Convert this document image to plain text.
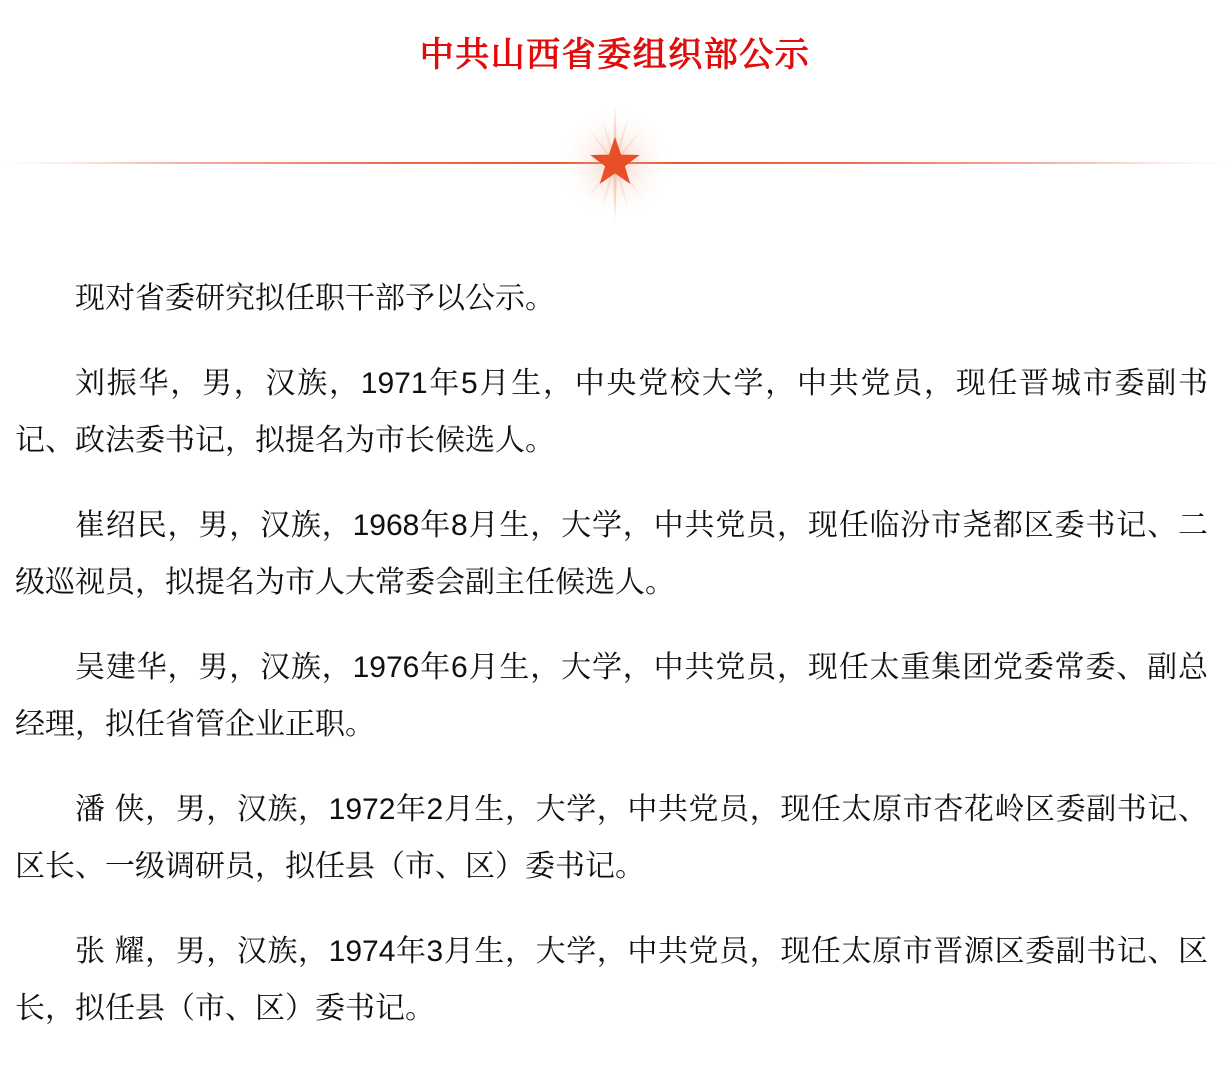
中共山西省委组织部公示

现对省委研究拟任职干部予以公示。

刘振华，男，汉族，1971年5月生，中央党校大学，中共党员，现任晋城市委副书记、政法委书记，拟提名为市长候选人。

崔绍民，男，汉族，1968年8月生，大学，中共党员，现任临汾市尧都区委书记、二级巡视员，拟提名为市人大常委会副主任候选人。

吴建华，男，汉族，1976年6月生，大学，中共党员，现任太重集团党委常委、副总经理，拟任省管企业正职。

潘 侠，男，汉族，1972年2月生，大学，中共党员，现任太原市杏花岭区委副书记、区长、一级调研员，拟任县（市、区）委书记。

张 耀，男，汉族，1974年3月生，大学，中共党员，现任太原市晋源区委副书记、区长，拟任县（市、区）委书记。
